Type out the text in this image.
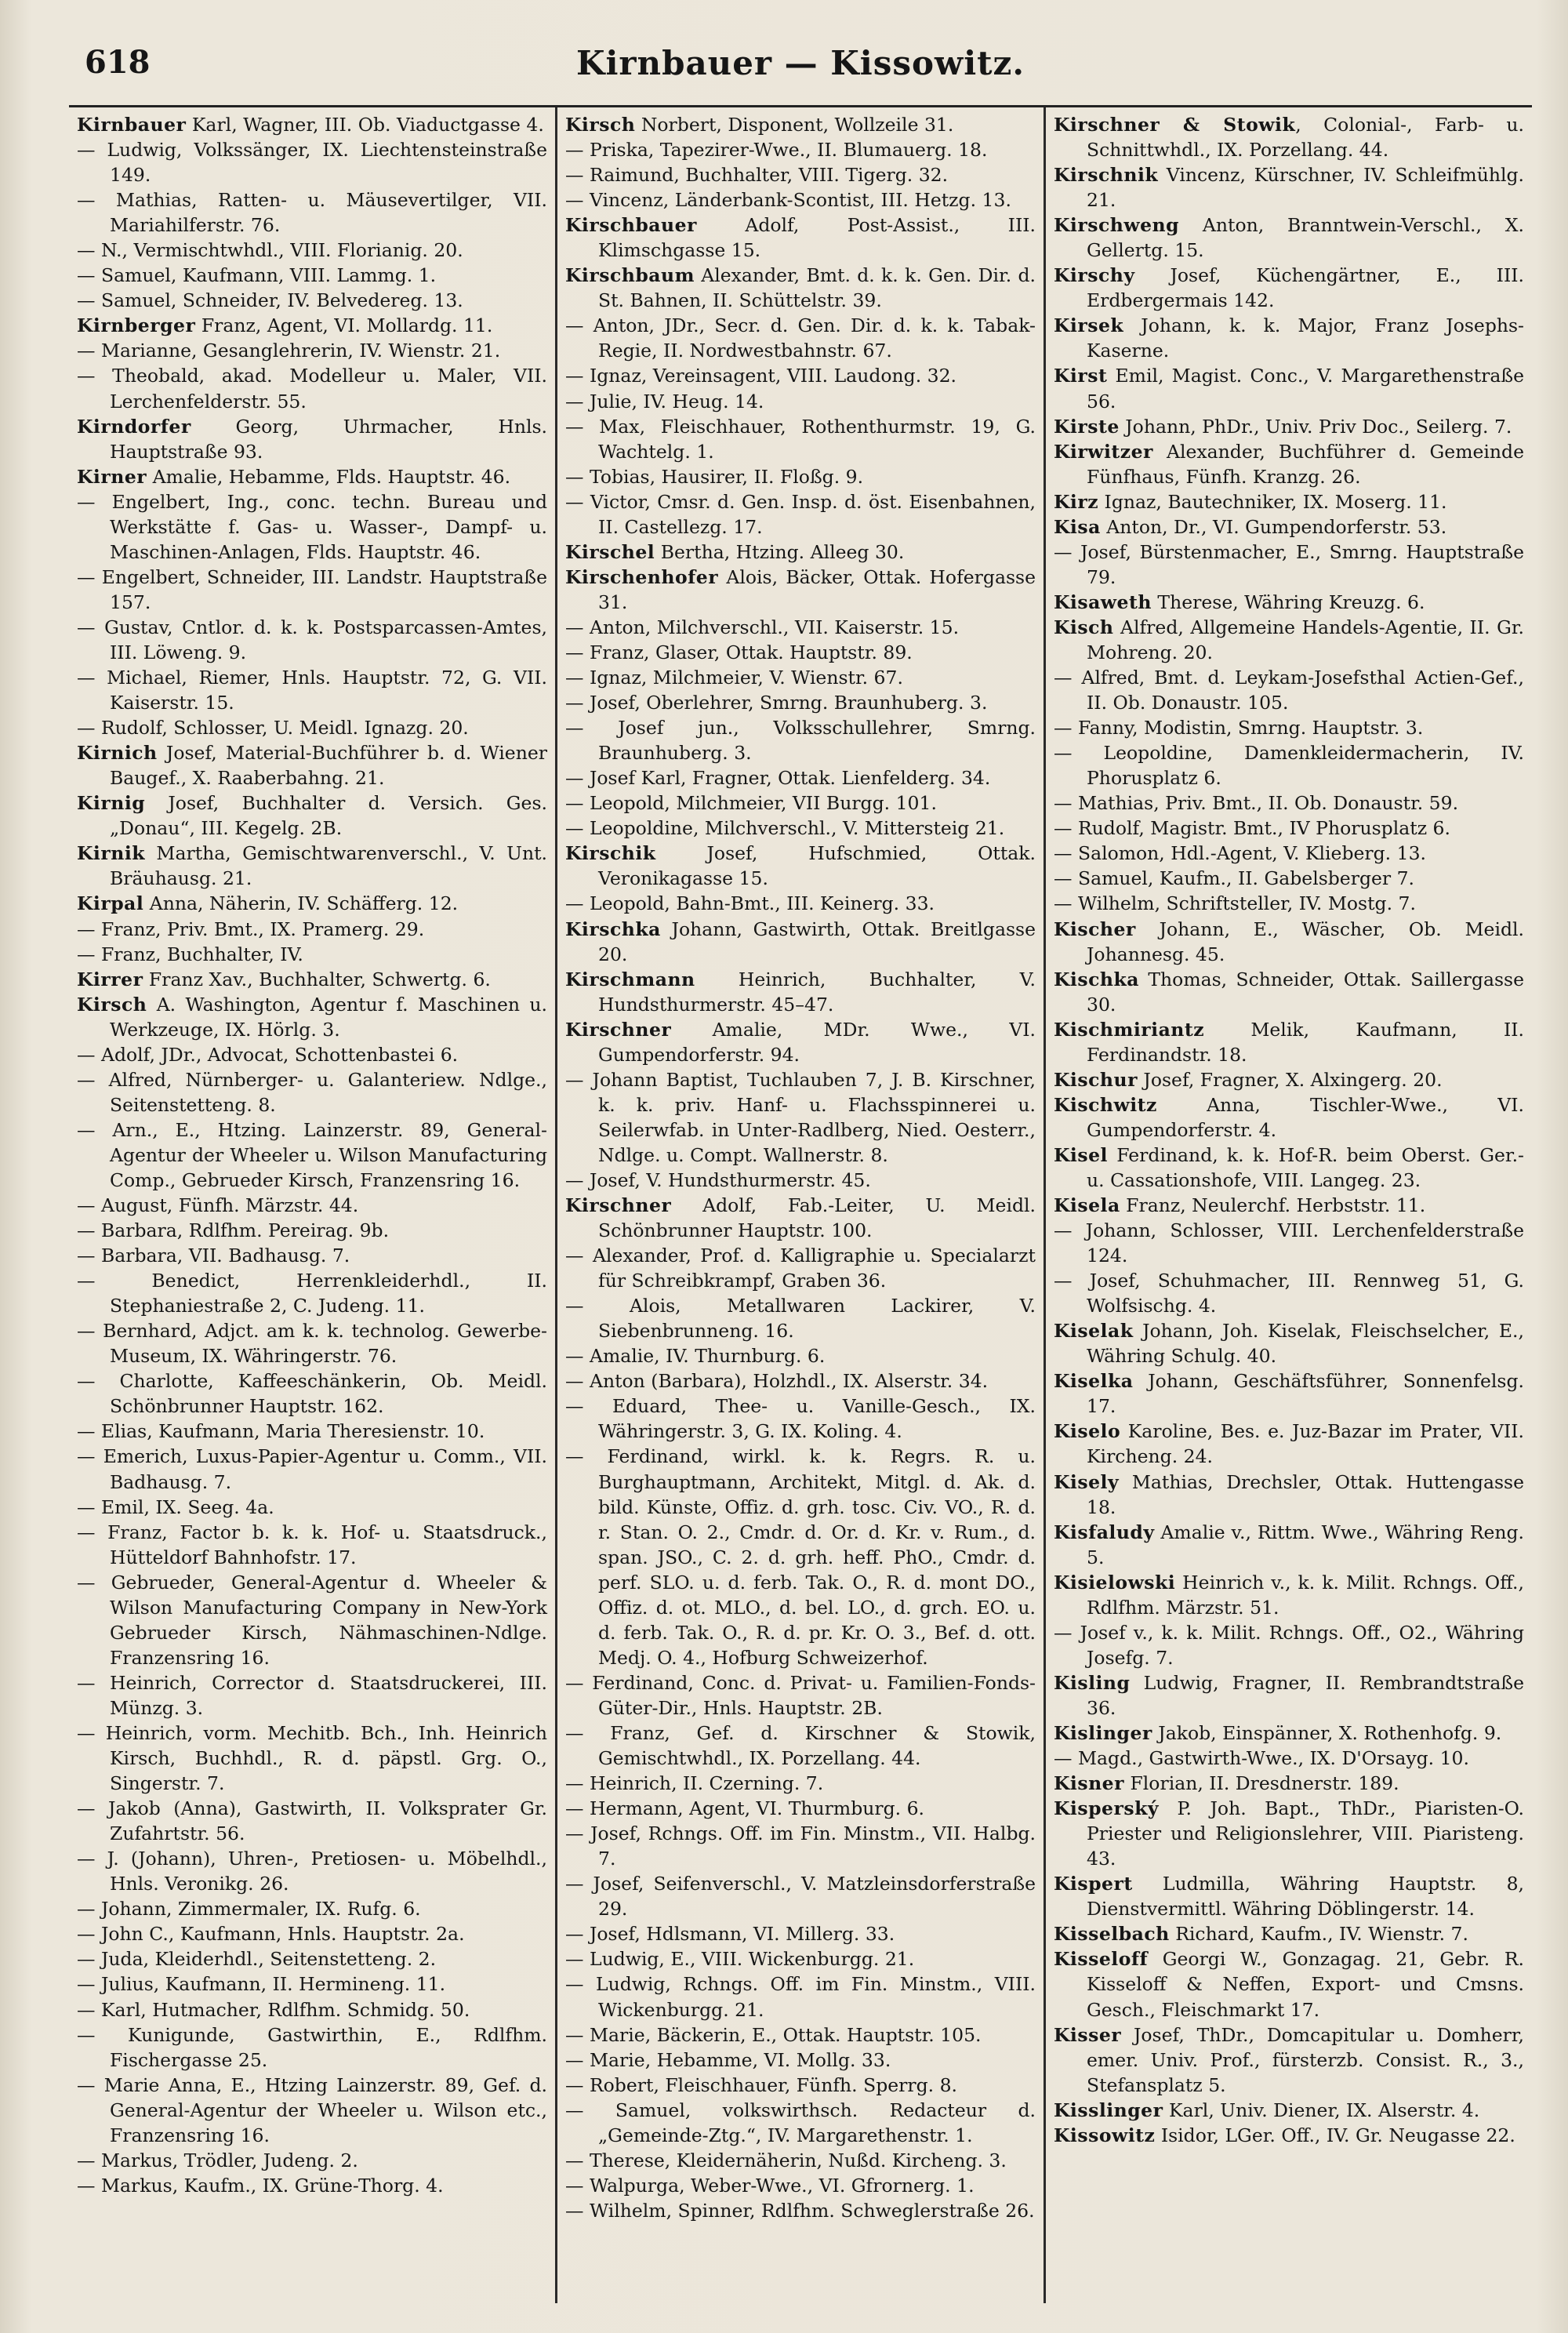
618	Kirnbauer — Kissowitz.
Kirnbauer Karl, Wagner, III. Ob. Viaductgasse 4.
— Ludwig, Volkssänger, IX. Liechtensteinstraße 149.
— Mathias, Ratten- u. Mäusevertilger, VII. Mariahilferstr. 76.
— N., Vermischtwhdl., VIII. Florianig. 20.
— Samuel, Kaufmann, VIII. Lammg. 1.
— Samuel, Schneider, IV. Belvedereg. 13.
Kirnberger Franz, Agent, VI. Mollardg. 11.
— Marianne, Gesanglehrerin, IV. Wienstr. 21.
— Theobald, akad. Modelleur u. Maler, VII. Lerchenfelderstr. 55.
Kirndorfer Georg, Uhrmacher, Hnls. Hauptstraße 93.
Kirner Amalie, Hebamme, Flds. Hauptstr. 46.
— Engelbert, Ing., conc. techn. Bureau und Werkstätte f. Gas- u. Wasser-, Dampf- u. Maschinen-Anlagen, Flds. Hauptstr. 46.
— Engelbert, Schneider, III. Landstr. Hauptstraße 157.
— Gustav, Cntlor. d. k. k. Postsparcassen-Amtes, III. Löweng. 9.
— Michael, Riemer, Hnls. Hauptstr. 72, G. VII. Kaiserstr. 15.
— Rudolf, Schlosser, U. Meidl. Ignazg. 20.
Kirnich Josef, Material-Buchführer b. d. Wiener Baugef., X. Raaberbahng. 21.
Kirnig Josef, Buchhalter d. Versich. Ges. „Donau“, III. Kegelg. 2B.
Kirnik Martha, Gemischtwarenverschl., V. Unt. Bräuhausg. 21.
Kirpal Anna, Näherin, IV. Schäfferg. 12.
— Franz, Priv. Bmt., IX. Pramerg. 29.
— Franz, Buchhalter, IV.
Kirrer Franz Xav., Buchhalter, Schwertg. 6.
Kirsch A. Washington, Agentur f. Maschinen u. Werkzeuge, IX. Hörlg. 3.
— Adolf, JDr., Advocat, Schottenbastei 6.
— Alfred, Nürnberger- u. Galanteriew. Ndlge., Seitenstetteng. 8.
— Arn., E., Htzing. Lainzerstr. 89, General-Agentur der Wheeler u. Wilson Manufacturing Comp., Gebrueder Kirsch, Franzensring 16.
— August, Fünfh. Märzstr. 44.
— Barbara, Rdlfhm. Pereirag. 9b.
— Barbara, VII. Badhausg. 7.
— Benedict, Herrenkleiderhdl., II. Stephaniestraße 2, C. Judeng. 11.
— Bernhard, Adjct. am k. k. technolog. Gewerbe-Museum, IX. Währingerstr. 76.
— Charlotte, Kaffeeschänkerin, Ob. Meidl. Schönbrunner Hauptstr. 162.
— Elias, Kaufmann, Maria Theresienstr. 10.
— Emerich, Luxus-Papier-Agentur u. Comm., VII. Badhausg. 7.
— Emil, IX. Seeg. 4a.
— Franz, Factor b. k. k. Hof- u. Staatsdruck., Hütteldorf Bahnhofstr. 17.
— Gebrueder, General-Agentur d. Wheeler & Wilson Manufacturing Company in New-York Gebrueder Kirsch, Nähmaschinen-Ndlge. Franzensring 16.
— Heinrich, Corrector d. Staatsdruckerei, III. Münzg. 3.
— Heinrich, vorm. Mechitb. Bch., Inh. Heinrich Kirsch, Buchhdl., R. d. päpstl. Grg. O., Singerstr. 7.
— Jakob (Anna), Gastwirth, II. Volksprater Gr. Zufahrtstr. 56.
— J. (Johann), Uhren-, Pretiosen- u. Möbelhdl., Hnls. Veronikg. 26.
— Johann, Zimmermaler, IX. Rufg. 6.
— John C., Kaufmann, Hnls. Hauptstr. 2a.
— Juda, Kleiderhdl., Seitenstetteng. 2.
— Julius, Kaufmann, II. Hermineng. 11.
— Karl, Hutmacher, Rdlfhm. Schmidg. 50.
— Kunigunde, Gastwirthin, E., Rdlfhm. Fischergasse 25.
— Marie Anna, E., Htzing Lainzerstr. 89, Gef. d. General-Agentur der Wheeler u. Wilson etc., Franzensring 16.
— Markus, Trödler, Judeng. 2.
— Markus, Kaufm., IX. Grüne-Thorg. 4.
Kirsch Norbert, Disponent, Wollzeile 31.
— Priska, Tapezirer-Wwe., II. Blumauerg. 18.
— Raimund, Buchhalter, VIII. Tigerg. 32.
— Vincenz, Länderbank-Scontist, III. Hetzg. 13.
Kirschbauer Adolf, Post-Assist., III. Klimschgasse 15.
Kirschbaum Alexander, Bmt. d. k. k. Gen. Dir. d. St. Bahnen, II. Schüttelstr. 39.
— Anton, JDr., Secr. d. Gen. Dir. d. k. k. Tabak-Regie, II. Nordwestbahnstr. 67.
— Ignaz, Vereinsagent, VIII. Laudong. 32.
— Julie, IV. Heug. 14.
— Max, Fleischhauer, Rothenthurmstr. 19, G. Wachtelg. 1.
— Tobias, Hausirer, II. Floßg. 9.
— Victor, Cmsr. d. Gen. Insp. d. öst. Eisenbahnen, II. Castellezg. 17.
Kirschel Bertha, Htzing. Alleeg 30.
Kirschenhofer Alois, Bäcker, Ottak. Hofergasse 31.
— Anton, Milchverschl., VII. Kaiserstr. 15.
— Franz, Glaser, Ottak. Hauptstr. 89.
— Ignaz, Milchmeier, V. Wienstr. 67.
— Josef, Oberlehrer, Smrng. Braunhuberg. 3.
— Josef jun., Volksschullehrer, Smrng. Braunhuberg. 3.
— Josef Karl, Fragner, Ottak. Lienfelderg. 34.
— Leopold, Milchmeier, VII Burgg. 101.
— Leopoldine, Milchverschl., V. Mittersteig 21.
Kirschik Josef, Hufschmied, Ottak. Veronikagasse 15.
— Leopold, Bahn-Bmt., III. Keinerg. 33.
Kirschka Johann, Gastwirth, Ottak. Breitlgasse 20.
Kirschmann Heinrich, Buchhalter, V. Hundsthurmerstr. 45–47.
Kirschner Amalie, MDr. Wwe., VI. Gumpendorferstr. 94.
— Johann Baptist, Tuchlauben 7, J. B. Kirschner, k. k. priv. Hanf- u. Flachsspinnerei u. Seilerwfab. in Unter-Radlberg, Nied. Oesterr., Ndlge. u. Compt. Wallnerstr. 8.
— Josef, V. Hundsthurmerstr. 45.
Kirschner Adolf, Fab.-Leiter, U. Meidl. Schönbrunner Hauptstr. 100.
— Alexander, Prof. d. Kalligraphie u. Specialarzt für Schreibkrampf, Graben 36.
— Alois, Metallwaren Lackirer, V. Siebenbrunneng. 16.
— Amalie, IV. Thurnburg. 6.
— Anton (Barbara), Holzhdl., IX. Alserstr. 34.
— Eduard, Thee- u. Vanille-Gesch., IX. Währingerstr. 3, G. IX. Koling. 4.
— Ferdinand, wirkl. k. k. Regrs. R. u. Burghauptmann, Architekt, Mitgl. d. Ak. d. bild. Künste, Offiz. d. grh. tosc. Civ. VO., R. d. r. Stan. O. 2., Cmdr. d. Or. d. Kr. v. Rum., d. span. JSO., C. 2. d. grh. heff. PhO., Cmdr. d. perf. SLO. u. d. ferb. Tak. O., R. d. mont DO., Offiz. d. ot. MLO., d. bel. LO., d. grch. EO. u. d. ferb. Tak. O., R. d. pr. Kr. O. 3., Bef. d. ott. Medj. O. 4., Hofburg Schweizerhof.
— Ferdinand, Conc. d. Privat- u. Familien-Fonds-Güter-Dir., Hnls. Hauptstr. 2B.
— Franz, Gef. d. Kirschner & Stowik, Gemischtwhdl., IX. Porzellang. 44.
— Heinrich, II. Czerning. 7.
— Hermann, Agent, VI. Thurmburg. 6.
— Josef, Rchngs. Off. im Fin. Minstm., VII. Halbg. 7.
— Josef, Seifenverschl., V. Matzleinsdorferstraße 29.
— Josef, Hdlsmann, VI. Millerg. 33.
— Ludwig, E., VIII. Wickenburgg. 21.
— Ludwig, Rchngs. Off. im Fin. Minstm., VIII. Wickenburgg. 21.
— Marie, Bäckerin, E., Ottak. Hauptstr. 105.
— Marie, Hebamme, VI. Mollg. 33.
— Robert, Fleischhauer, Fünfh. Sperrg. 8.
— Samuel, volkswirthsch. Redacteur d. „Gemeinde-Ztg.“, IV. Margarethenstr. 1.
— Therese, Kleidernäherin, Nußd. Kircheng. 3.
— Walpurga, Weber-Wwe., VI. Gfrornerg. 1.
— Wilhelm, Spinner, Rdlfhm. Schweglerstraße 26.
Kirschner & Stowik, Colonial-, Farb- u. Schnittwhdl., IX. Porzellang. 44.
Kirschnik Vincenz, Kürschner, IV. Schleifmühlg. 21.
Kirschweng Anton, Branntwein-Verschl., X. Gellertg. 15.
Kirschy Josef, Küchengärtner, E., III. Erdbergermais 142.
Kirsek Johann, k. k. Major, Franz Josephs-Kaserne.
Kirst Emil, Magist. Conc., V. Margarethenstraße 56.
Kirste Johann, PhDr., Univ. Priv Doc., Seilerg. 7.
Kirwitzer Alexander, Buchführer d. Gemeinde Fünfhaus, Fünfh. Kranzg. 26.
Kirz Ignaz, Bautechniker, IX. Moserg. 11.
Kisa Anton, Dr., VI. Gumpendorferstr. 53.
— Josef, Bürstenmacher, E., Smrng. Hauptstraße 79.
Kisaweth Therese, Währing Kreuzg. 6.
Kisch Alfred, Allgemeine Handels-Agentie, II. Gr. Mohreng. 20.
— Alfred, Bmt. d. Leykam-Josefsthal Actien-Gef., II. Ob. Donaustr. 105.
— Fanny, Modistin, Smrng. Hauptstr. 3.
— Leopoldine, Damenkleidermacherin, IV. Phorusplatz 6.
— Mathias, Priv. Bmt., II. Ob. Donaustr. 59.
— Rudolf, Magistr. Bmt., IV Phorusplatz 6.
— Salomon, Hdl.-Agent, V. Klieberg. 13.
— Samuel, Kaufm., II. Gabelsberger 7.
— Wilhelm, Schriftsteller, IV. Mostg. 7.
Kischer Johann, E., Wäscher, Ob. Meidl. Johannesg. 45.
Kischka Thomas, Schneider, Ottak. Saillergasse 30.
Kischmiriantz Melik, Kaufmann, II. Ferdinandstr. 18.
Kischur Josef, Fragner, X. Alxingerg. 20.
Kischwitz Anna, Tischler-Wwe., VI. Gumpendorferstr. 4.
Kisel Ferdinand, k. k. Hof-R. beim Oberst. Ger.- u. Cassationshofe, VIII. Langeg. 23.
Kisela Franz, Neulerchf. Herbststr. 11.
— Johann, Schlosser, VIII. Lerchenfelderstraße 124.
— Josef, Schuhmacher, III. Rennweg 51, G. Wolfsischg. 4.
Kiselak Johann, Joh. Kiselak, Fleischselcher, E., Währing Schulg. 40.
Kiselka Johann, Geschäftsführer, Sonnenfelsg. 17.
Kiselo Karoline, Bes. e. Juz-Bazar im Prater, VII. Kircheng. 24.
Kisely Mathias, Drechsler, Ottak. Huttengasse 18.
Kisfaludy Amalie v., Rittm. Wwe., Währing Reng. 5.
Kisielowski Heinrich v., k. k. Milit. Rchngs. Off., Rdlfhm. Märzstr. 51.
— Josef v., k. k. Milit. Rchngs. Off., O2., Währing Josefg. 7.
Kisling Ludwig, Fragner, II. Rembrandtstraße 36.
Kislinger Jakob, Einspänner, X. Rothenhofg. 9.
— Magd., Gastwirth-Wwe., IX. D'Orsayg. 10.
Kisner Florian, II. Dresdnerstr. 189.
Kisperský P. Joh. Bapt., ThDr., Piaristen-O. Priester und Religionslehrer, VIII. Piaristeng. 43.
Kispert Ludmilla, Währing Hauptstr. 8, Dienstvermittl. Währing Döblingerstr. 14.
Kisselbach Richard, Kaufm., IV. Wienstr. 7.
Kisseloff Georgi W., Gonzagag. 21, Gebr. R. Kisseloff & Neffen, Export- und Cmsns. Gesch., Fleischmarkt 17.
Kisser Josef, ThDr., Domcapitular u. Domherr, emer. Univ. Prof., fürsterzb. Consist. R., 3., Stefansplatz 5.
Kisslinger Karl, Univ. Diener, IX. Alserstr. 4.
Kissowitz Isidor, LGer. Off., IV. Gr. Neugasse 22.
